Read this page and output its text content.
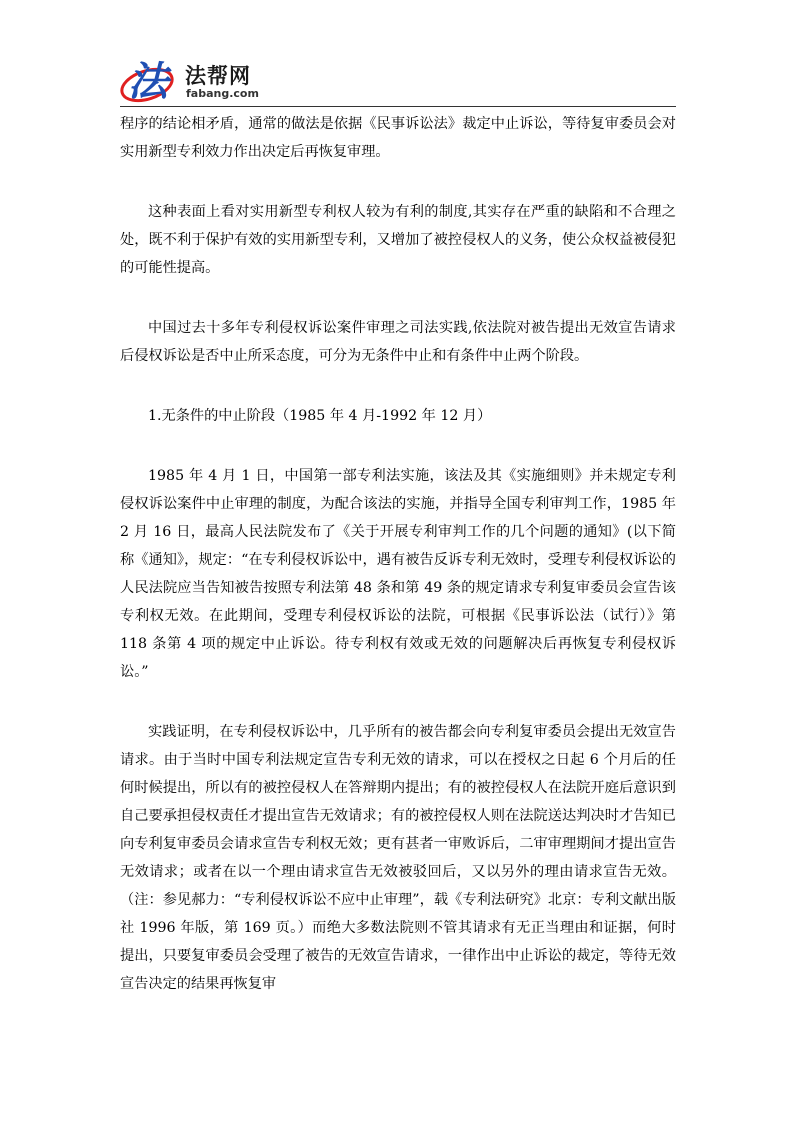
法 法帮网
fabang.com

程序的结论相矛盾，通常的做法是依据《民事诉讼法》裁定中止诉讼，等待复审委员会对实用新型专利效力作出决定后再恢复审理。

这种表面上看对实用新型专利权人较为有利的制度,其实存在严重的缺陷和不合理之处，既不利于保护有效的实用新型专利，又增加了被控侵权人的义务，使公众权益被侵犯的可能性提高。

中国过去十多年专利侵权诉讼案件审理之司法实践,依法院对被告提出无效宣告请求后侵权诉讼是否中止所采态度，可分为无条件中止和有条件中止两个阶段。

1.无条件的中止阶段（1985 年 4 月-1992 年 12 月）

1985 年 4 月 1 日，中国第一部专利法实施，该法及其《实施细则》并未规定专利侵权诉讼案件中止审理的制度，为配合该法的实施，并指导全国专利审判工作，1985 年 2 月 16 日，最高人民法院发布了《关于开展专利审判工作的几个问题的通知》(以下简称《通知》，规定：“在专利侵权诉讼中，遇有被告反诉专利无效时，受理专利侵权诉讼的人民法院应当告知被告按照专利法第 48 条和第 49 条的规定请求专利复审委员会宣告该专利权无效。在此期间，受理专利侵权诉讼的法院，可根据《民事诉讼法（试行）》第 118 条第 4 项的规定中止诉讼。待专利权有效或无效的问题解决后再恢复专利侵权诉讼。”

实践证明，在专利侵权诉讼中，几乎所有的被告都会向专利复审委员会提出无效宣告请求。由于当时中国专利法规定宣告专利无效的请求，可以在授权之日起 6 个月后的任何时候提出，所以有的被控侵权人在答辩期内提出；有的被控侵权人在法院开庭后意识到自己要承担侵权责任才提出宣告无效请求；有的被控侵权人则在法院送达判决时才告知已向专利复审委员会请求宣告专利权无效；更有甚者一审败诉后，二审审理期间才提出宣告无效请求；或者在以一个理由请求宣告无效被驳回后，又以另外的理由请求宣告无效。（注：参见郝力：“专利侵权诉讼不应中止审理”，载《专利法研究》北京：专利文献出版社 1996 年版，第 169 页。）而绝大多数法院则不管其请求有无正当理由和证据，何时提出，只要复审委员会受理了被告的无效宣告请求，一律作出中止诉讼的裁定，等待无效宣告决定的结果再恢复审
